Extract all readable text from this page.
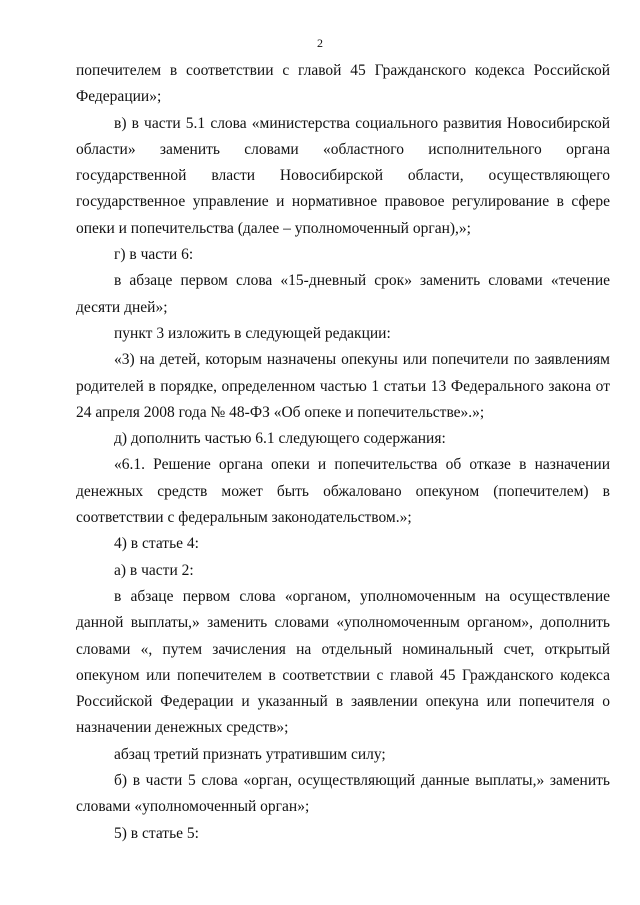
2

попечителем в соответствии с главой 45 Гражданского кодекса Российской Федерации»;

в) в части 5.1 слова «министерства социального развития Новосибирской области» заменить словами «областного исполнительного органа государственной власти Новосибирской области, осуществляющего государственное управление и нормативное правовое регулирование в сфере опеки и попечительства (далее – уполномоченный орган),»;

г) в части 6:

в абзаце первом слова «15-дневный срок» заменить словами «течение десяти дней»;

пункт 3 изложить в следующей редакции:

«3) на детей, которым назначены опекуны или попечители по заявлениям родителей в порядке, определенном частью 1 статьи 13 Федерального закона от 24 апреля 2008 года № 48-ФЗ «Об опеке и попечительстве».»;

д) дополнить частью 6.1 следующего содержания:

«6.1. Решение органа опеки и попечительства об отказе в назначении денежных средств может быть обжаловано опекуном (попечителем) в соответствии с федеральным законодательством.»;

4) в статье 4:

а) в части 2:

в абзаце первом слова «органом, уполномоченным на осуществление данной выплаты,» заменить словами «уполномоченным органом», дополнить словами «, путем зачисления на отдельный номинальный счет, открытый опекуном или попечителем в соответствии с главой 45 Гражданского кодекса Российской Федерации и указанный в заявлении опекуна или попечителя о назначении денежных средств»;

абзац третий признать утратившим силу;

б) в части 5 слова «орган, осуществляющий данные выплаты,» заменить словами «уполномоченный орган»;

5) в статье 5:
